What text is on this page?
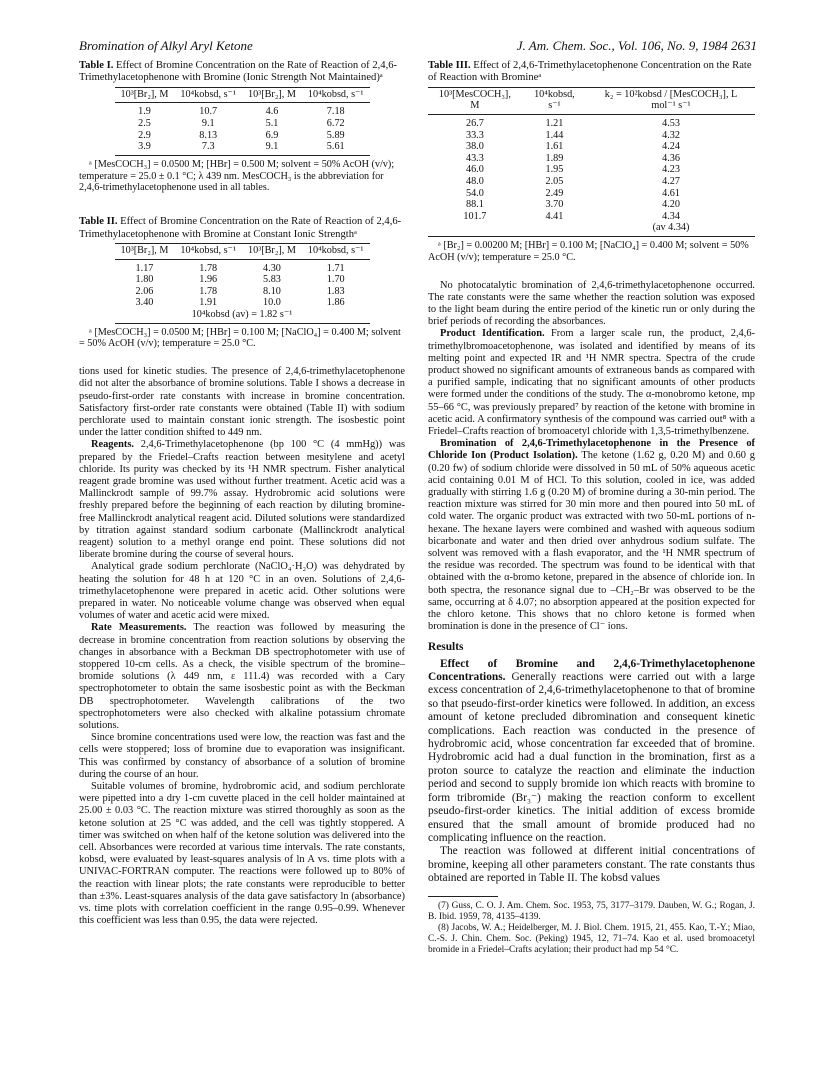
Bromination of Alkyl Aryl Ketone	J. Am. Chem. Soc., Vol. 106, No. 9, 1984 2631

Table I. Effect of Bromine Concentration on the Rate of Reaction of 2,4,6-Trimethylacetophenone with Bromine (Ionic Strength Not Maintained)ᵃ

10³[Br₂], M	10⁴kobsd, s⁻¹	10³[Br₂], M	10⁴kobsd, s⁻¹
1.9	10.7	4.6	7.18
2.5	9.1	5.1	6.72
2.9	8.13	6.9	5.89
3.9	7.3	9.1	5.61

ᵃ [MesCOCH₃] = 0.0500 M; [HBr] = 0.500 M; solvent = 50% AcOH (v/v); temperature = 25.0 ± 0.1 °C; λ 439 nm. MesCOCH₃ is the abbreviation for 2,4,6-trimethylacetophenone used in all tables.

Table II. Effect of Bromine Concentration on the Rate of Reaction of 2,4,6-Trimethylacetophenone with Bromine at Constant Ionic Strengthᵃ

10³[Br₂], M	10⁴kobsd, s⁻¹	10³[Br₂], M	10⁴kobsd, s⁻¹
1.17	1.78	4.30	1.71
1.80	1.96	5.83	1.70
2.06	1.78	8.10	1.83
3.40	1.91	10.0	1.86
10⁴kobsd (av) = 1.82 s⁻¹			

ᵃ [MesCOCH₃] = 0.0500 M; [HBr] = 0.100 M; [NaClO₄] = 0.400 M; solvent = 50% AcOH (v/v); temperature = 25.0 °C.

tions used for kinetic studies. The presence of 2,4,6-trimethylacetophenone did not alter the absorbance of bromine solutions. Table I shows a decrease in pseudo-first-order rate constants with increase in bromine concentration. Satisfactory first-order rate constants were obtained (Table II) with sodium perchlorate used to maintain constant ionic strength. The isosbestic point under the latter condition shifted to 449 nm.

Reagents. 2,4,6-Trimethylacetophenone (bp 100 °C (4 mmHg)) was prepared by the Friedel–Crafts reaction between mesitylene and acetyl chloride. Its purity was checked by its ¹H NMR spectrum. Fisher analytical reagent grade bromine was used without further treatment. Acetic acid was a Mallinckrodt sample of 99.7% assay. Hydrobromic acid solutions were freshly prepared before the beginning of each reaction by diluting bromine-free Mallinckrodt analytical reagent acid. Diluted solutions were standardized by titration against standard sodium carbonate (Mallinckrodt analytical reagent) solution to a methyl orange end point. These solutions did not liberate bromine during the course of several hours.

Analytical grade sodium perchlorate (NaClO₄·H₂O) was dehydrated by heating the solution for 48 h at 120 °C in an oven. Solutions of 2,4,6-trimethylacetophenone were prepared in acetic acid. Other solutions were prepared in water. No noticeable volume change was observed when equal volumes of water and acetic acid were mixed.

Rate Measurements. The reaction was followed by measuring the decrease in bromine concentration from reaction solutions by observing the changes in absorbance with a Beckman DB spectrophotometer with use of stoppered 10-cm cells. As a check, the visible spectrum of the bromine–bromide solutions (λ 449 nm, ε 111.4) was recorded with a Cary spectrophotometer to obtain the same isosbestic point as with the Beckman DB spectrophotometer. Wavelength calibrations of the two spectrophotometers were also checked with alkaline potassium chromate solutions.

Since bromine concentrations used were low, the reaction was fast and the cells were stoppered; loss of bromine due to evaporation was insignificant. This was confirmed by constancy of absorbance of a solution of bromine during the course of an hour.

Suitable volumes of bromine, hydrobromic acid, and sodium perchlorate were pipetted into a dry 1-cm cuvette placed in the cell holder maintained at 25.00 ± 0.03 °C. The reaction mixture was stirred thoroughly as soon as the ketone solution at 25 °C was added, and the cell was tightly stoppered. A timer was switched on when half of the ketone solution was delivered into the cell. Absorbances were recorded at various time intervals. The rate constants, kobsd, were evaluated by least-squares analysis of ln A vs. time plots with a UNIVAC-FORTRAN computer. The reactions were followed up to 80% of the reaction with linear plots; the rate constants were reproducible to better than ±3%. Least-squares analysis of the data gave satisfactory ln (absorbance) vs. time plots with correlation coefficient in the range 0.95–0.99. Whenever this coefficient was less than 0.95, the data were rejected.

Table III. Effect of 2,4,6-Trimethylacetophenone Concentration on the Rate of Reaction with Bromineᵃ

10³[MesCOCH₃], M	10⁴kobsd, s⁻¹	k₂ = 10²kobsd / [MesCOCH₃], L mol⁻¹ s⁻¹
26.7	1.21	4.53
33.3	1.44	4.32
38.0	1.61	4.24
43.3	1.89	4.36
46.0	1.95	4.23
48.0	2.05	4.27
54.0	2.49	4.61
88.1	3.70	4.20
101.7	4.41	4.34
		(av 4.34)

ᵃ [Br₂] = 0.00200 M; [HBr] = 0.100 M; [NaClO₄] = 0.400 M; solvent = 50% AcOH (v/v); temperature = 25.0 °C.

No photocatalytic bromination of 2,4,6-trimethylacetophenone occurred. The rate constants were the same whether the reaction solution was exposed to the light beam during the entire period of the kinetic run or only during the brief periods of recording the absorbances.

Product Identification. From a larger scale run, the product, 2,4,6-trimethylbromoacetophenone, was isolated and identified by means of its melting point and expected IR and ¹H NMR spectra. Spectra of the crude product showed no significant amounts of extraneous bands as compared with a purified sample, indicating that no significant amounts of other products were formed under the conditions of the study. The α-monobromo ketone, mp 55–66 °C, was previously prepared⁷ by reaction of the ketone with bromine in acetic acid. A confirmatory synthesis of the compound was carried out⁸ with a Friedel–Crafts reaction of bromoacetyl chloride with 1,3,5-trimethylbenzene.

Bromination of 2,4,6-Trimethylacetophenone in the Presence of Chloride Ion (Product Isolation). The ketone (1.62 g, 0.20 M) and 0.60 g (0.20 fw) of sodium chloride were dissolved in 50 mL of 50% aqueous acetic acid containing 0.01 M of HCl. To this solution, cooled in ice, was added gradually with stirring 1.6 g (0.20 M) of bromine during a 30-min period. The reaction mixture was stirred for 30 min more and then poured into 50 mL of cold water. The organic product was extracted with two 50-mL portions of n-hexane. The hexane layers were combined and washed with aqueous sodium bicarbonate and water and then dried over anhydrous sodium sulfate. The solvent was removed with a flash evaporator, and the ¹H NMR spectrum of the residue was recorded. The spectrum was found to be identical with that obtained with the α-bromo ketone, prepared in the absence of chloride ion. In both spectra, the resonance signal due to –CH₂–Br was observed to be the same, occurring at δ 4.07; no absorption appeared at the position expected for the chloro ketone. This shows that no chloro ketone is formed when bromination is done in the presence of Cl⁻ ions.

Results

Effect of Bromine and 2,4,6-Trimethylacetophenone Concentrations. Generally reactions were carried out with a large excess concentration of 2,4,6-trimethylacetophenone to that of bromine so that pseudo-first-order kinetics were followed. In addition, an excess amount of ketone precluded dibromination and consequent kinetic complications. Each reaction was conducted in the presence of hydrobromic acid, whose concentration far exceeded that of bromine. Hydrobromic acid had a dual function in the bromination, first as a proton source to catalyze the reaction and eliminate the induction period and second to supply bromide ion which reacts with bromine to form tribromide (Br₃⁻) making the reaction conform to excellent pseudo-first-order kinetics. The initial addition of excess bromide ensured that the small amount of bromide produced had no complicating influence on the reaction.

The reaction was followed at different initial concentrations of bromine, keeping all other parameters constant. The rate constants thus obtained are reported in Table II. The kobsd values

(7) Guss, C. O. J. Am. Chem. Soc. 1953, 75, 3177–3179. Dauben, W. G.; Rogan, J. B. Ibid. 1959, 78, 4135–4139.

(8) Jacobs, W. A.; Heidelberger, M. J. Biol. Chem. 1915, 21, 455. Kao, T.-Y.; Miao, C.-S. J. Chin. Chem. Soc. (Peking) 1945, 12, 71–74. Kao et al. used bromoacetyl bromide in a Friedel–Crafts acylation; their product had mp 54 °C.
